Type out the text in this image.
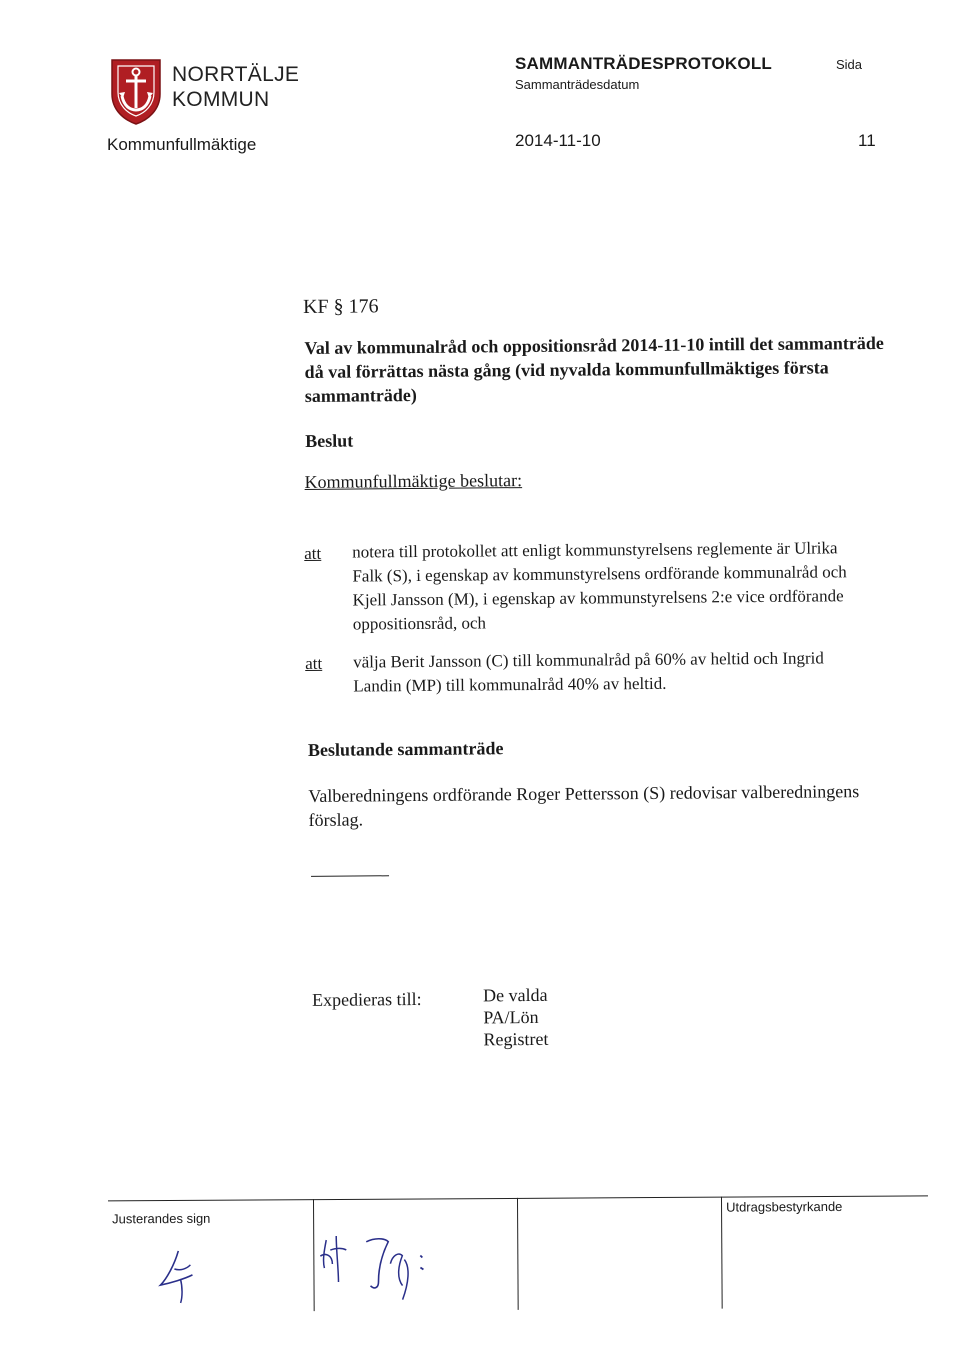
NORRTÄLJE
KOMMUN
SAMMANTRÄDESPROTOKOLL
Sammanträdesdatum
Sida
Kommunfullmäktige	2014-11-10	11
KF § 176
Val av kommunalråd och oppositionsråd 2014-11-10 intill det sammanträde
då val förrättas nästa gång (vid nyvalda kommunfullmäktiges första
sammanträde)
Beslut
Kommunfullmäktige beslutar:
att notera till protokollet att enligt kommunstyrelsens reglemente är Ulrika
Falk (S), i egenskap av kommunstyrelsens ordförande kommunalråd och
Kjell Jansson (M), i egenskap av kommunstyrelsens 2:e vice ordförande
oppositionsråd, och
att välja Berit Jansson (C) till kommunalråd på 60% av heltid och Ingrid
Landin (MP) till kommunalråd 40% av heltid.
Beslutande sammanträde
Valberedningens ordförande Roger Pettersson (S) redovisar valberedningens
förslag.
Expedieras till:	De valda
PA/Lön
Registret
Justerandes sign
Utdragsbestyrkande
